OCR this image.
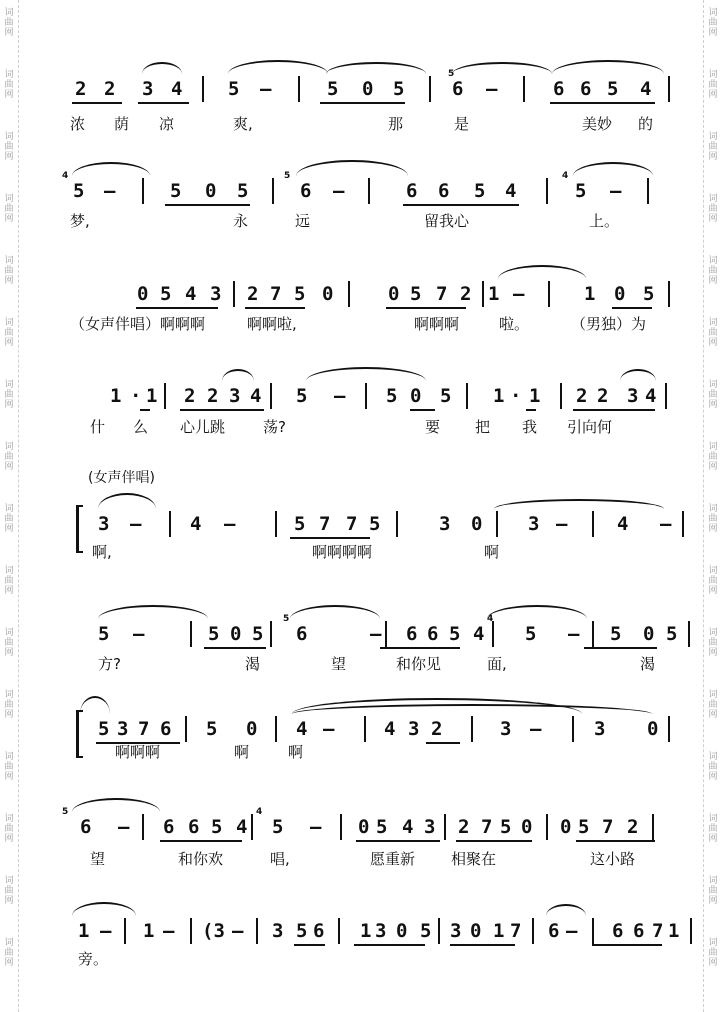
词
曲
网
词
曲
网
词
曲
网
词
曲
网
词
曲
网
词
曲
网
词
曲
网
词
曲
网
词
曲
网
词
曲
网
词
曲
网
词
曲
网
词
曲
网
词
曲
网
词
曲
网
词
曲
网
词
曲
网
词
曲
网
词
曲
网
词
曲
网
词
曲
网
词
曲
网
词
曲
网
词
曲
网
词
曲
网
词
曲
网
词
曲
网
词
曲
网
词
曲
网
词
曲
网
词
曲
网
词
曲
网
2 2 3 4 5 –	5 0 5	6 –	6 6 5 4
5
浓 荫 凉	爽,	那	是	美妙 的
5 –	5 0 5	6 –	6 6 5 4	5 –
4	5	4
梦,	永	远	留我心	上。
0 5 4 3 2 7 5 0	0 5 7 2 1 –	1 0 5
（女声伴唱）啊啊啊	啊啊啦,	啊啊啊	啦。	（男独）为
1 · 1 2 2 3 4 5 – 5 0 5 1 · 1 2 2 3 4
什 么 心儿跳	荡?	要 把 我 引向何
3 –	4 –	5 7 7 5	3 0 3 –	4 –
(女声伴唱)
啊,	啊啊啊啊	啊
5 –	5 0 5 6	– 6 6 5 4 5 – 5 0 5
5	4
方?	渴	望	和你见	面,	渴
5 3 7 6 5 0 4 –	4 3 2	3 –	3 0
啊啊啊	啊	啊
6 – 6 6 5 4 5 – 0 5 4 3 2 7 5 0 0 5 7 2
5	4
望	和你欢	唱,	愿重新 相聚在	这小路
1 – 1 – (3 – 3 5 6 1 3 0 5 3 0 1 7 6 – 6 6 7 1
旁。
